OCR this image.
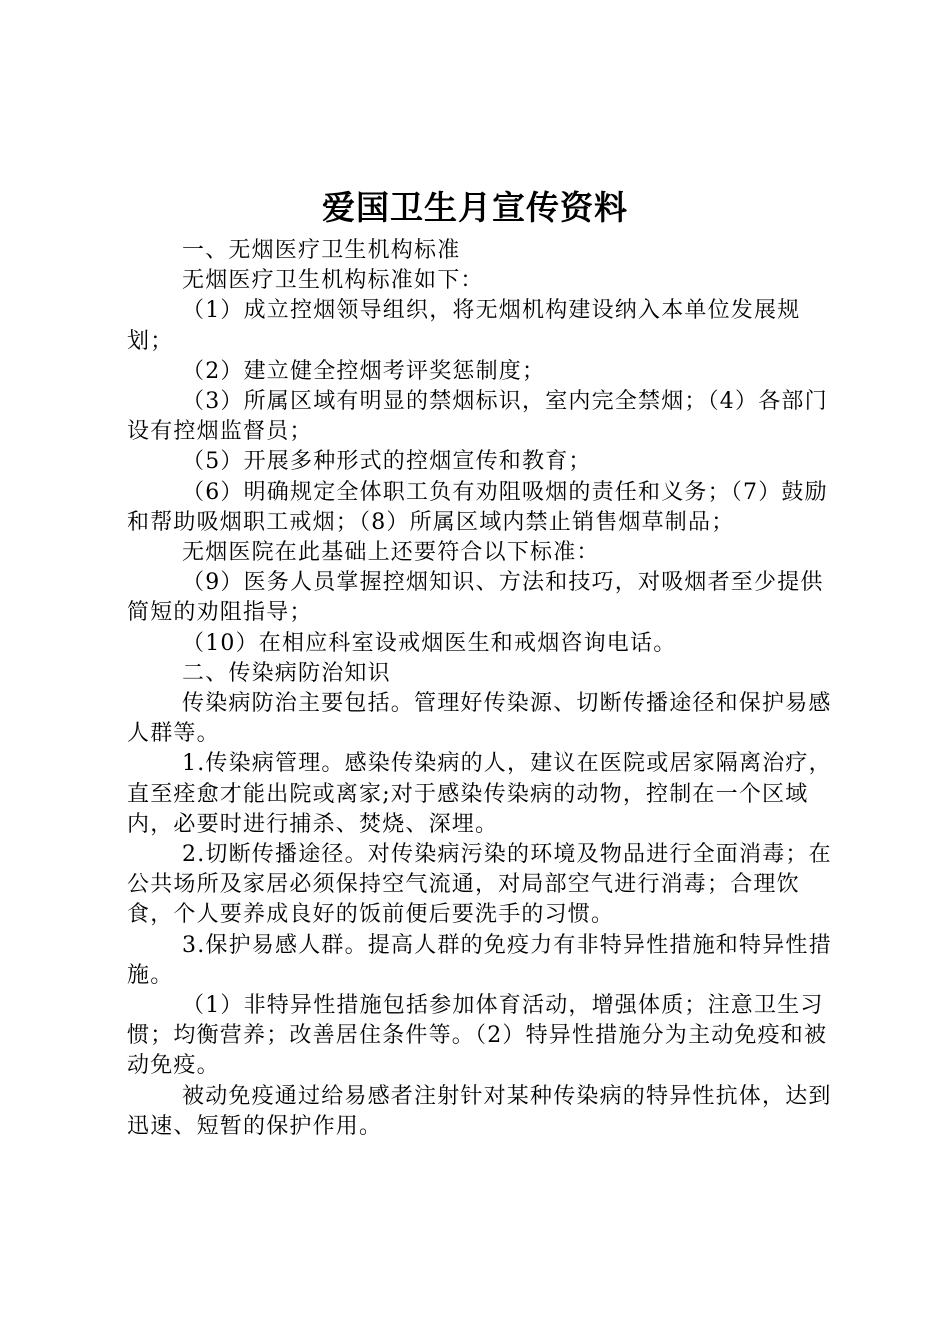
爱国卫生月宣传资料

一、无烟医疗卫生机构标准

无烟医疗卫生机构标准如下：

（1）成立控烟领导组织，将无烟机构建设纳入本单位发展规划；

（2）建立健全控烟考评奖惩制度；

（3）所属区域有明显的禁烟标识，室内完全禁烟；（4）各部门设有控烟监督员；

（5）开展多种形式的控烟宣传和教育；

（6）明确规定全体职工负有劝阻吸烟的责任和义务；（7）鼓励和帮助吸烟职工戒烟；（8）所属区域内禁止销售烟草制品；

无烟医院在此基础上还要符合以下标准：

（9）医务人员掌握控烟知识、方法和技巧，对吸烟者至少提供简短的劝阻指导；

（10）在相应科室设戒烟医生和戒烟咨询电话。

二、传染病防治知识

传染病防治主要包括。管理好传染源、切断传播途径和保护易感人群等。

1.传染病管理。感染传染病的人，建议在医院或居家隔离治疗，直至痊愈才能出院或离家;对于感染传染病的动物，控制在一个区域内，必要时进行捕杀、焚烧、深埋。

2.切断传播途径。对传染病污染的环境及物品进行全面消毒；在公共场所及家居必须保持空气流通，对局部空气进行消毒；合理饮食，个人要养成良好的饭前便后要洗手的习惯。

3.保护易感人群。提高人群的免疫力有非特异性措施和特异性措施。

（1）非特异性措施包括参加体育活动，增强体质；注意卫生习惯；均衡营养；改善居住条件等。（2）特异性措施分为主动免疫和被动免疫。

被动免疫通过给易感者注射针对某种传染病的特异性抗体，达到迅速、短暂的保护作用。
